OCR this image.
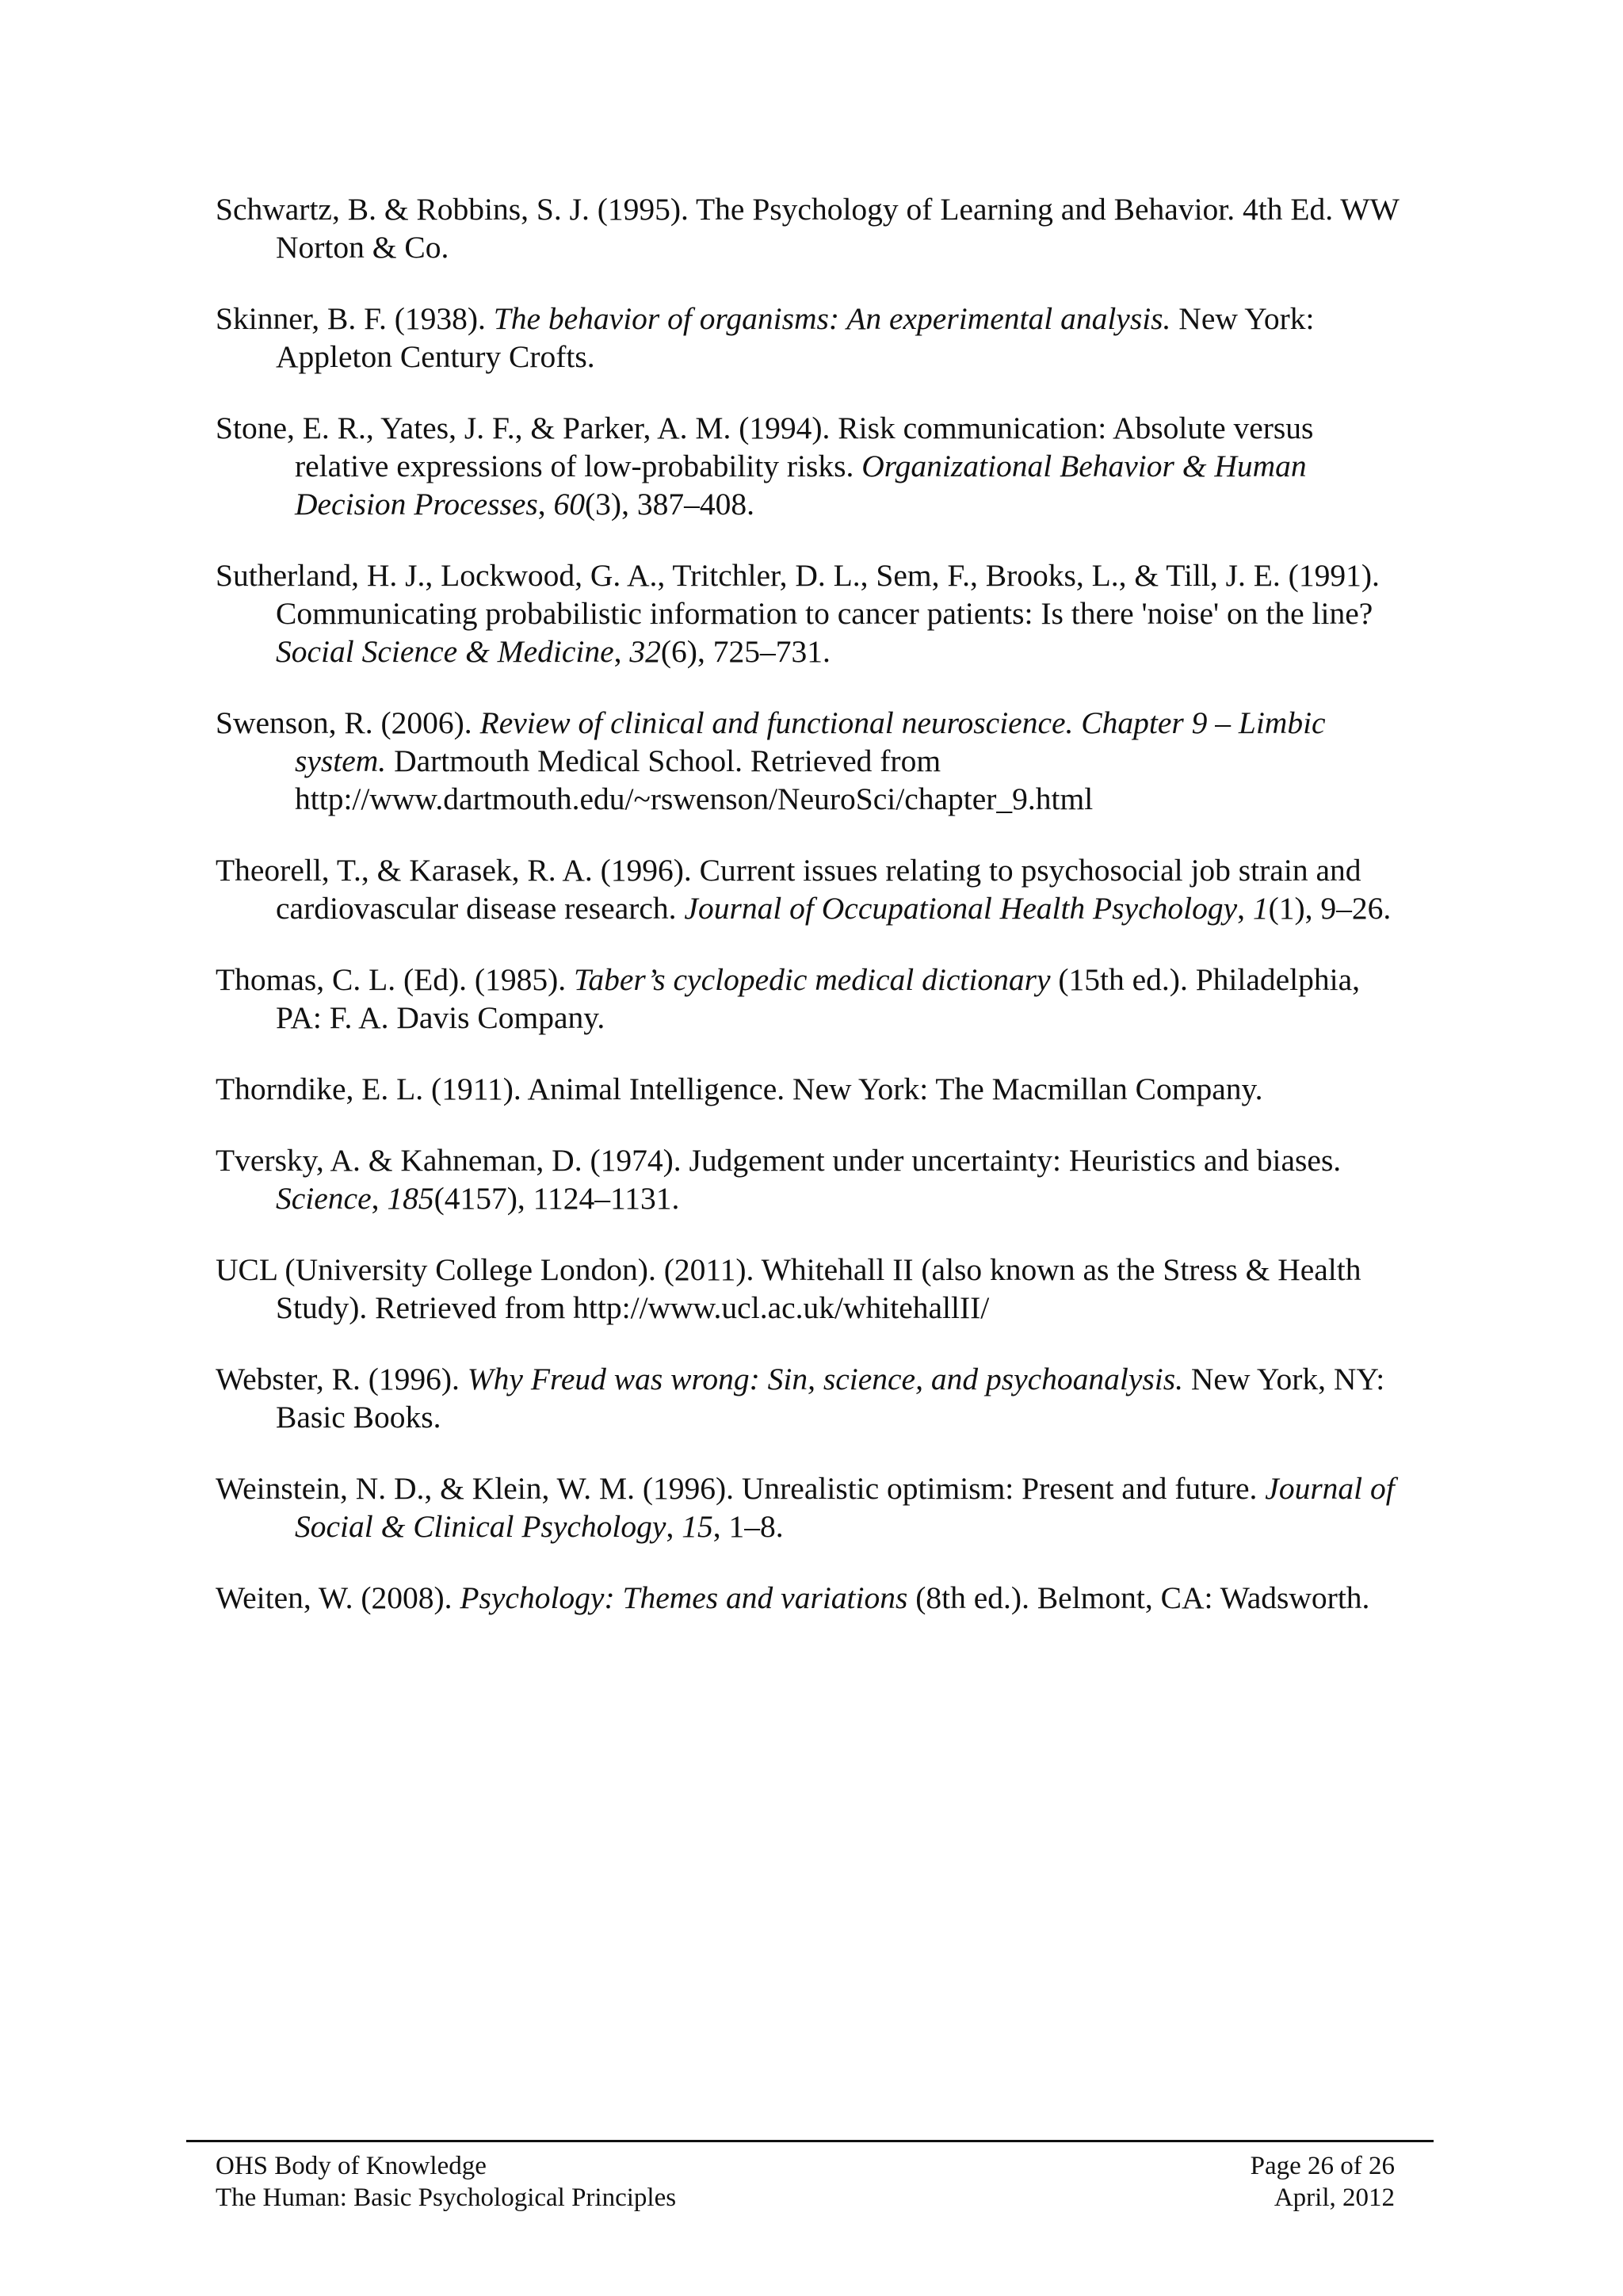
Schwartz, B. & Robbins, S. J. (1995). The Psychology of Learning and Behavior. 4th Ed. WW Norton & Co.

Skinner, B. F. (1938). The behavior of organisms: An experimental analysis. New York: Appleton Century Crofts.

Stone, E. R., Yates, J. F., & Parker, A. M. (1994). Risk communication: Absolute versus relative expressions of low-probability risks. Organizational Behavior & Human Decision Processes, 60(3), 387–408.

Sutherland, H. J., Lockwood, G. A., Tritchler, D. L., Sem, F., Brooks, L., & Till, J. E. (1991). Communicating probabilistic information to cancer patients: Is there 'noise' on the line? Social Science & Medicine, 32(6), 725–731.

Swenson, R. (2006). Review of clinical and functional neuroscience. Chapter 9 – Limbic system. Dartmouth Medical School. Retrieved from http://www.dartmouth.edu/~rswenson/NeuroSci/chapter_9.html

Theorell, T., & Karasek, R. A. (1996). Current issues relating to psychosocial job strain and cardiovascular disease research. Journal of Occupational Health Psychology, 1(1), 9–26.

Thomas, C. L. (Ed). (1985). Taber’s cyclopedic medical dictionary (15th ed.). Philadelphia, PA: F. A. Davis Company.

Thorndike, E. L. (1911). Animal Intelligence. New York: The Macmillan Company.

Tversky, A. & Kahneman, D. (1974). Judgement under uncertainty: Heuristics and biases. Science, 185(4157), 1124–1131.

UCL (University College London). (2011). Whitehall II (also known as the Stress & Health Study). Retrieved from http://www.ucl.ac.uk/whitehallII/

Webster, R. (1996). Why Freud was wrong: Sin, science, and psychoanalysis. New York, NY: Basic Books.

Weinstein, N. D., & Klein, W. M. (1996). Unrealistic optimism: Present and future. Journal of Social & Clinical Psychology, 15, 1–8.

Weiten, W. (2008). Psychology: Themes and variations (8th ed.). Belmont, CA: Wadsworth.

OHS Body of Knowledge	Page 26 of 26
The Human: Basic Psychological Principles	April, 2012
